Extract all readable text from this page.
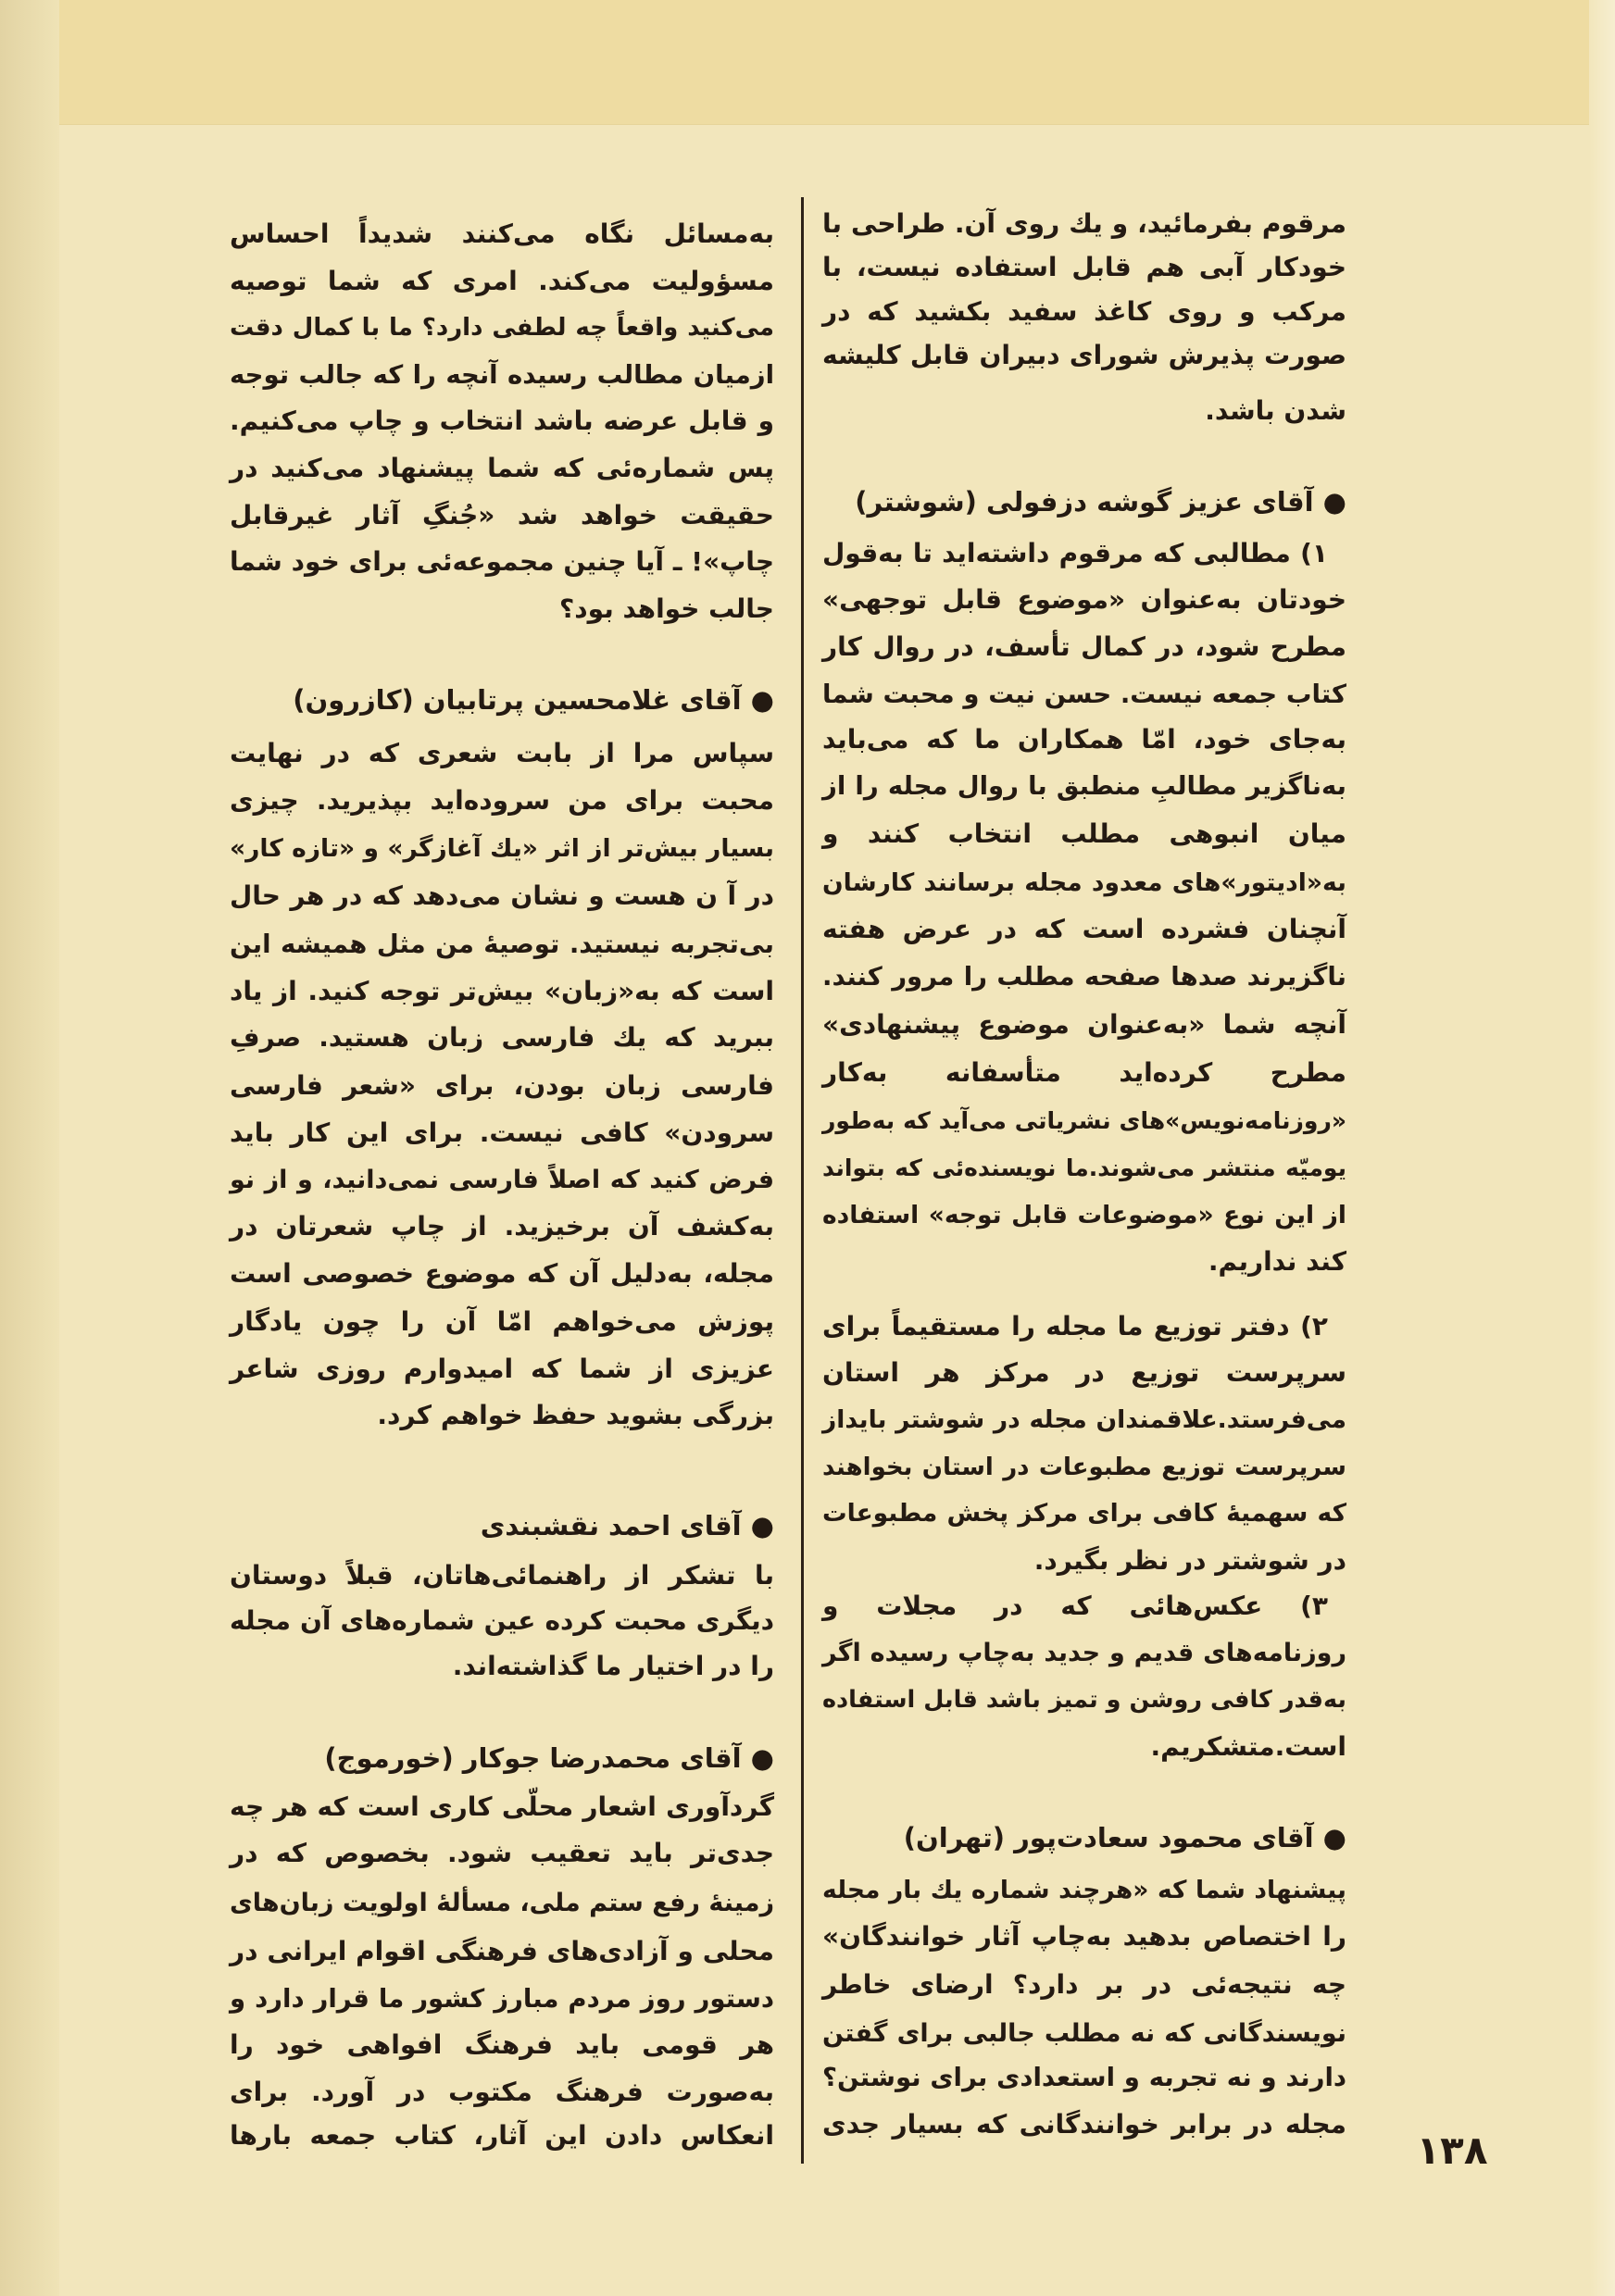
مرقوم بفرمائید، و یك روی آن. طراحی با
خودکار آبی هم قابل استفاده نیست، با
مرکب و روی کاغذ سفید بکشید که در
صورت پذیرش شورای دبیران قابل کلیشه
شدن باشد.
● آقای عزیز گوشه دزفولی (شوشتر)
۱) مطالبی که مرقوم داشته‌اید تا به‌قول
خودتان به‌عنوان «موضوع قابل توجهی»
مطرح شود، در کمال تأسف، در روال کار
کتاب جمعه نیست. حسن نیت و محبت شما
به‌جای خود، امّا همکاران ما که می‌باید
به‌ناگزیر مطالبِ منطبق با روال مجله را از
میان انبوهی مطلب انتخاب کنند و
به«ادیتور»های معدود مجله برسانند کارشان
آنچنان فشرده است که در عرض هفته
ناگزیرند صدها صفحه مطلب را مرور کنند.
آنچه شما «به‌عنوان موضوع پیشنهادی»
مطرح کرده‌اید متأسفانه به‌کار
«روزنامه‌نویس»های نشریاتی می‌آید که به‌طور
یومیّه منتشر می‌شوند.ما نویسنده‌ئی که بتواند
از این نوع «موضوعات قابل توجه» استفاده
کند نداریم.
۲) دفتر توزیع ما مجله را مستقیماً برای
سرپرست توزیع در مرکز هر استان
می‌فرستد.علاقمندان مجله در شوشتر بایداز
سرپرست توزیع مطبوعات در استان بخواهند
که سهمیهٔ کافی برای مرکز پخش مطبوعات
در شوشتر در نظر بگیرد.
۳) عکس‌هائی که در مجلات و
روزنامه‌های قدیم و جدید به‌چاپ رسیده اگر
به‌قدر کافی روشن و تمیز باشد قابل استفاده
است.متشکریم.
● آقای محمود سعادت‌پور (تهران)
پیشنهاد شما که «هرچند شماره یك بار مجله
را اختصاص بدهید به‌چاپ آثار خوانندگان»
چه نتیجه‌ئی در بر دارد؟ ارضای خاطر
نویسندگانی که نه مطلب جالبی برای گفتن
دارند و نه تجربه و استعدادی برای نوشتن؟
مجله در برابر خوانندگانی که بسیار جدی
به‌مسائل نگاه می‌کنند شدیداً احساس
مسؤولیت می‌کند. امری که شما توصیه
می‌کنید واقعاً چه لطفی دارد؟ ما با کمال دقت
ازمیان مطالب رسیده آنچه را که جالب توجه
و قابل عرضه باشد انتخاب و چاپ می‌کنیم.
پس شماره‌ئی که شما پیشنهاد می‌کنید در
حقیقت خواهد شد «جُنگِ آثار غیرقابل
چاپ»! ـ آیا چنین مجموعه‌ئی برای خود شما
جالب خواهد بود؟
● آقای غلامحسین پرتابیان (کازرون)
سپاس مرا از بابت شعری که در نهایت
محبت برای من سروده‌اید بپذیرید. چیزی
بسیار بیش‌تر از اثر «یك آغازگر» و «تازه کار»
در آ ن هست و نشان می‌دهد که در هر حال
بی‌تجربه نیستید. توصیهٔ من مثل همیشه این
است که به«زبان» بیش‌تر توجه کنید. از یاد
ببرید که یك فارسی زبان هستید. صرفِ
فارسی زبان بودن، برای «شعر فارسی
سرودن» کافی نیست. برای این کار باید
فرض کنید که اصلاً فارسی نمی‌دانید، و از نو
به‌کشف آن برخیزید. از چاپ شعرتان در
مجله، به‌دلیل آن که موضوع خصوصی است
پوزش می‌خواهم امّا آن را چون یادگار
عزیزی از شما که امیدوارم روزی شاعر
بزرگی بشوید حفظ خواهم کرد.
● آقای احمد نقشبندی
با تشکر از راهنمائی‌هاتان، قبلاً دوستان
دیگری محبت کرده عین شماره‌های آن مجله
را در اختیار ما گذاشته‌اند.
● آقای محمدرضا جوکار (خورموج)
گردآوری اشعار محلّی کاری است که هر چه
جدی‌تر باید تعقیب شود. بخصوص که در
زمینهٔ رفع ستم ملی، مسألهٔ اولویت زبان‌های
محلی و آزادی‌های فرهنگی اقوام ایرانی در
دستور روز مردم مبارز کشور ما قرار دارد و
هر قومی باید فرهنگ افواهی خود را
به‌صورت فرهنگ مکتوب در آورد. برای
انعکاس دادن این آثار، کتاب جمعه بارها	۱۳۸
